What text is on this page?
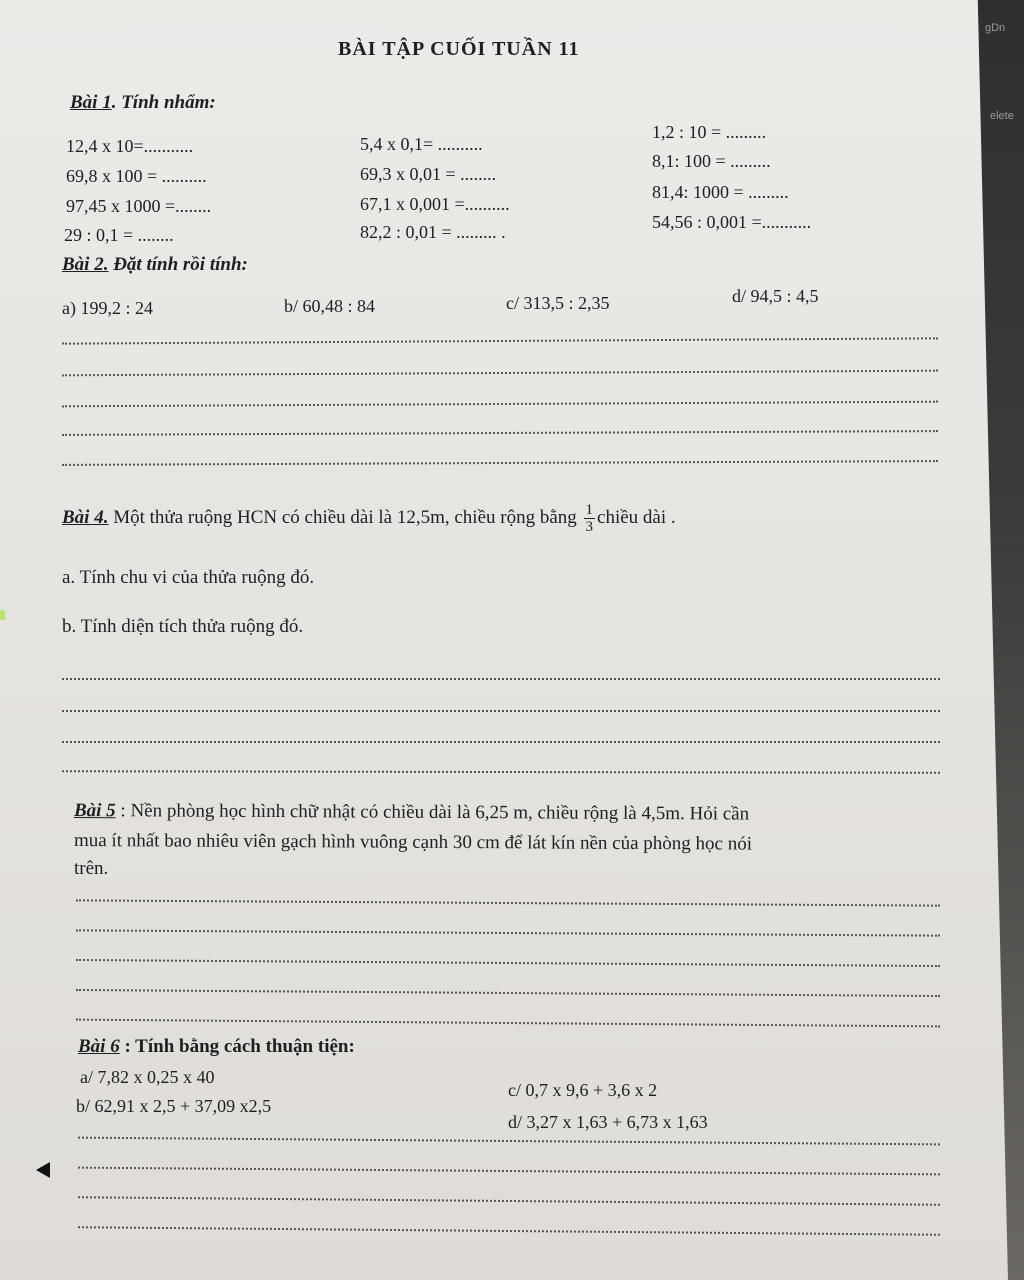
gDn
elete
BÀI TẬP CUỐI TUẦN 11
Bài 1. Tính nhẩm:
12,4 x 10=...........
69,8 x 100 = ..........
97,45 x 1000 =........
29 : 0,1 = ........
5,4 x 0,1= ..........
69,3 x 0,01 = ........
67,1 x 0,001 =..........
82,2 : 0,01 = ......... .
1,2 : 10 = .........
8,1: 100 = .........
81,4: 1000 = .........
54,56 : 0,001 =...........
Bài 2. Đặt tính rồi tính:
a) 199,2 : 24	b/ 60,48 : 84	c/ 313,5 : 2,35	d/ 94,5 : 4,5
Bài 4. Một thửa ruộng HCN có chiều dài là 12,5m, chiều rộng bằng $\frac{1}{3}$ chiều dài .
a. Tính chu vi của thửa ruộng đó.
b. Tính diện tích thửa ruộng đó.
Bài 5 : Nền phòng học hình chữ nhật có chiều dài là 6,25 m, chiều rộng là 4,5m. Hỏi cần
mua ít nhất bao nhiêu viên gạch hình vuông cạnh 30 cm để lát kín nền của phòng học nói
trên.
Bài 6 : Tính bằng cách thuận tiện:
a/ 7,82 x 0,25 x 40
b/ 62,91 x 2,5 + 37,09 x2,5
c/ 0,7 x 9,6 + 3,6 x 2
d/ 3,27 x 1,63 + 6,73 x 1,63
